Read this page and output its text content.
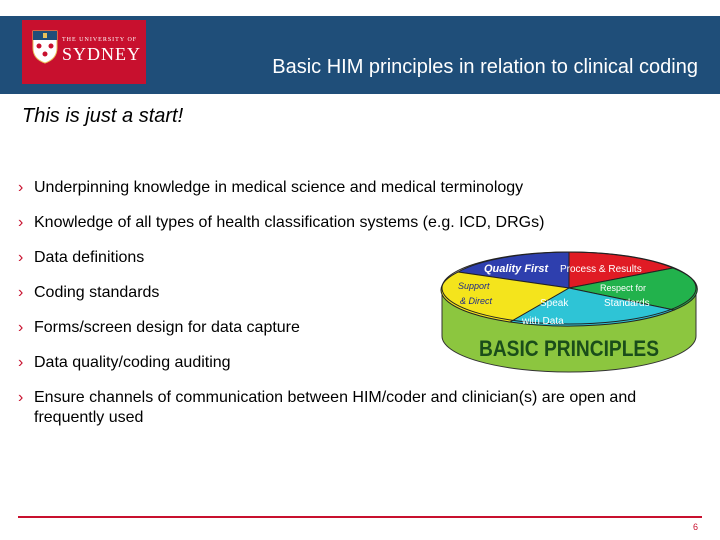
THE UNIVERSITY OF
SYDNEY
Basic HIM principles in relation to clinical coding
This is just a start!
› Underpinning knowledge in medical science and medical terminology
› Knowledge of all types of health classification systems (e.g. ICD, DRGs)
› Data definitions
› Coding standards
› Forms/screen design for data capture
› Data quality/coding auditing
› Ensure channels of communication between HIM/coder and clinician(s) are open and frequently used
Quality First Process & Results
Respect for
Standards
Support
& Direct	Speak
with Data
BASIC PRINCIPLES
6
